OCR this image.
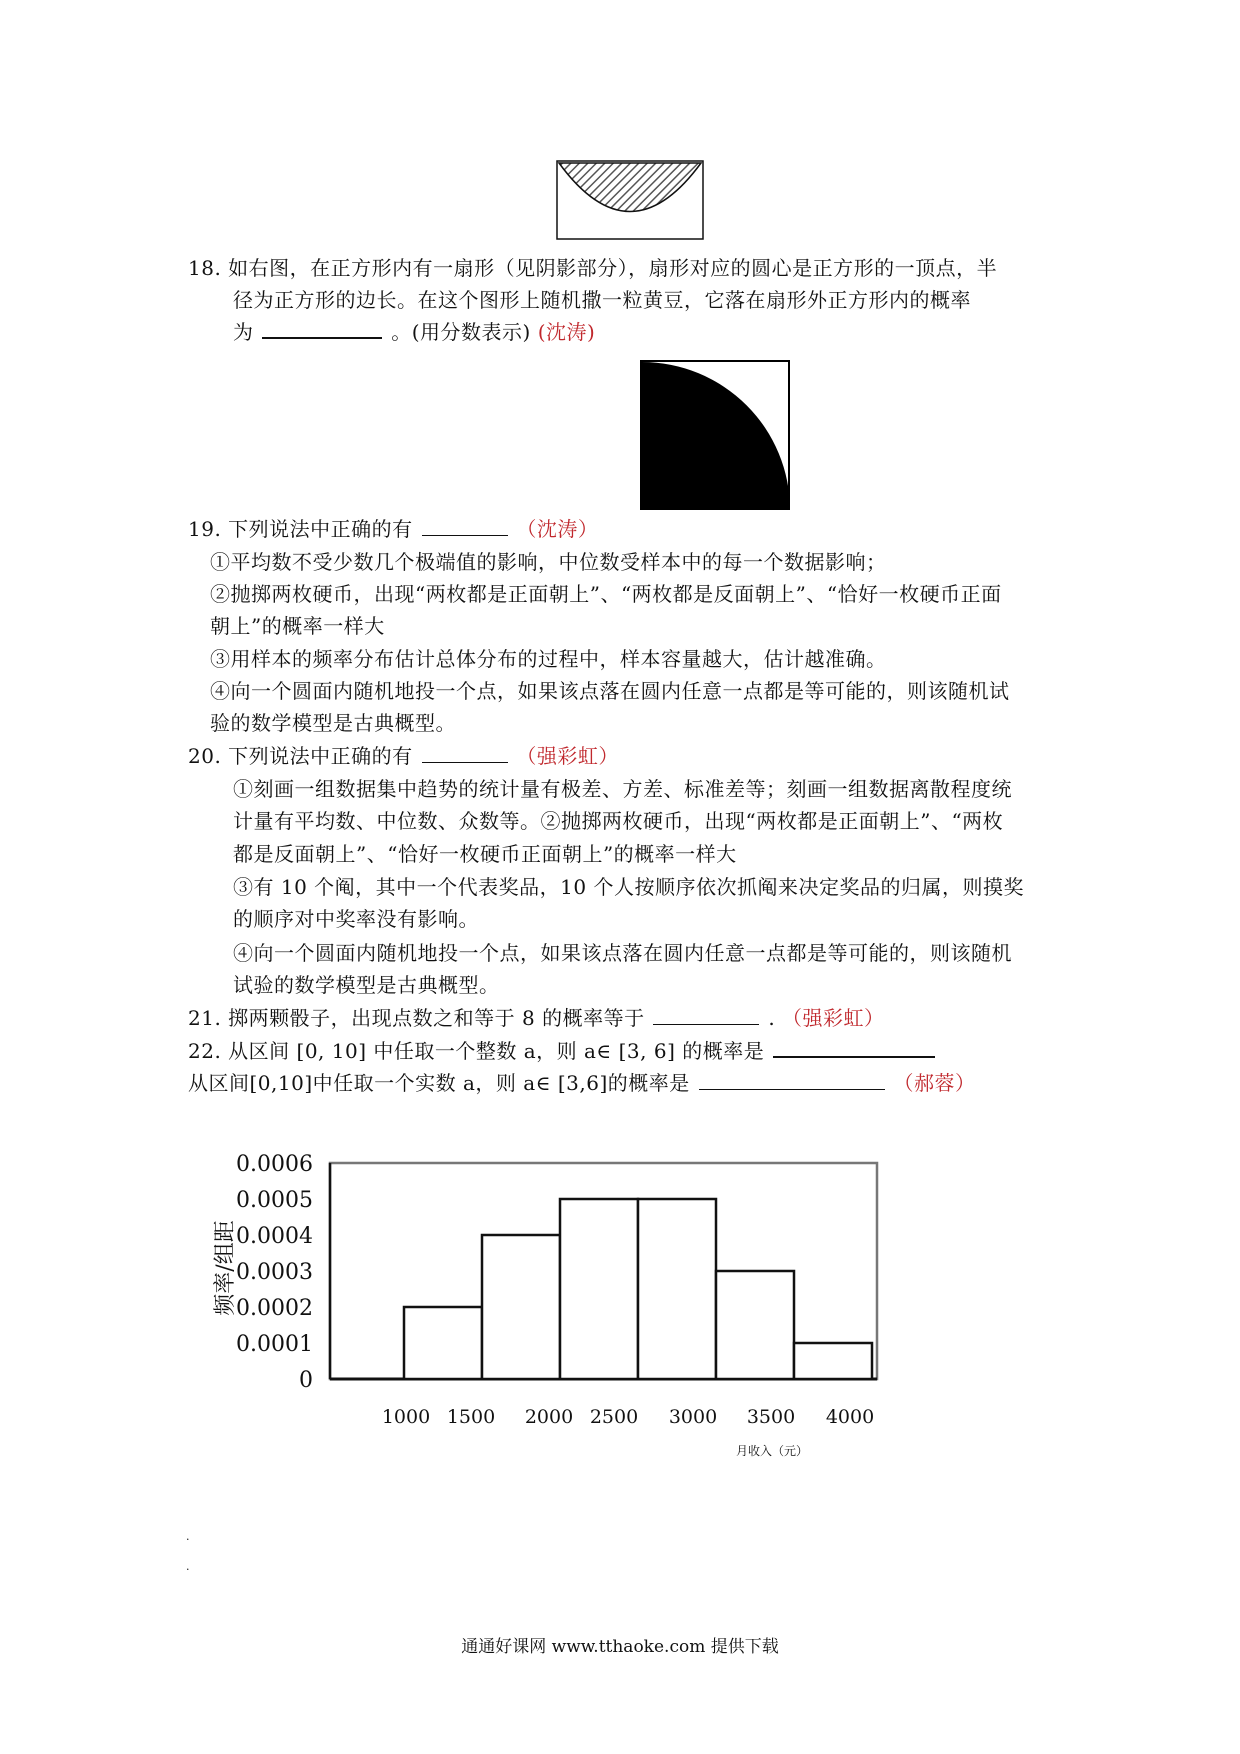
18. 如右图，在正方形内有一扇形（见阴影部分），扇形对应的圆心是正方形的一顶点，半
径为正方形的边长。在这个图形上随机撒一粒黄豆，它落在扇形外正方形内的概率
为	。(用分数表示) (沈涛)
19. 下列说法中正确的有	（沈涛）
①平均数不受少数几个极端值的影响，中位数受样本中的每一个数据影响；
②抛掷两枚硬币，出现“两枚都是正面朝上”、“两枚都是反面朝上”、“恰好一枚硬币正面
朝上”的概率一样大
③用样本的频率分布估计总体分布的过程中，样本容量越大，估计越准确。
④向一个圆面内随机地投一个点，如果该点落在圆内任意一点都是等可能的，则该随机试
验的数学模型是古典概型。
20. 下列说法中正确的有	（强彩虹）
①刻画一组数据集中趋势的统计量有极差、方差、标准差等；刻画一组数据离散程度统
计量有平均数、中位数、众数等。②抛掷两枚硬币，出现“两枚都是正面朝上”、“两枚
都是反面朝上”、“恰好一枚硬币正面朝上”的概率一样大
③有 10 个阄，其中一个代表奖品，10 个人按顺序依次抓阄来决定奖品的归属，则摸奖
的顺序对中奖率没有影响。
④向一个圆面内随机地投一个点，如果该点落在圆内任意一点都是等可能的，则该随机
试验的数学模型是古典概型。
21. 掷两颗骰子，出现点数之和等于 8 的概率等于	. （强彩虹）
22. 从区间 [0, 10] 中任取一个整数 a，则 a∈ [3, 6] 的概率是
从区间[0,10]中任取一个实数 a，则 a∈ [3,6]的概率是	（郝蓉）
0
0.0001
0.0002
0.0003
0.0004
0.0005
0.0006
1000 1500 2000 2500 3000 3500 4000
频率/组距
月收入（元）
.
.
通通好课网 www.tthaoke.com 提供下载
